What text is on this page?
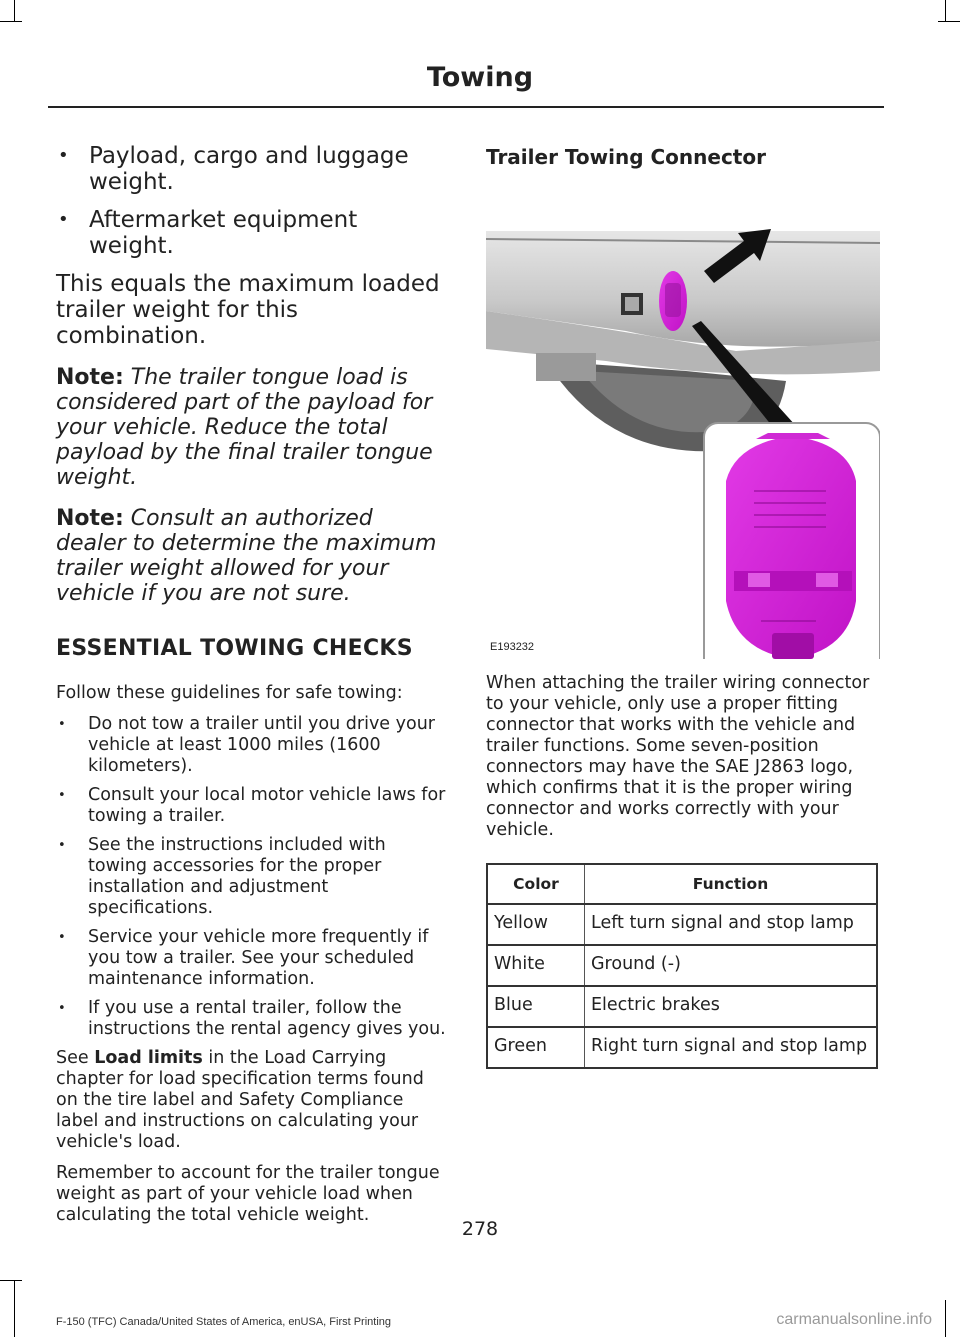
Towing
• Payload, cargo and luggage weight.
• Aftermarket equipment weight.

This equals the maximum loaded trailer weight for this combination.

Note: The trailer tongue load is considered part of the payload for your vehicle. Reduce the total payload by the final trailer tongue weight.

Note: Consult an authorized dealer to determine the maximum trailer weight allowed for your vehicle if you are not sure.

ESSENTIAL TOWING CHECKS

Follow these guidelines for safe towing:

• Do not tow a trailer until you drive your vehicle at least 1000 miles (1600 kilometers).
• Consult your local motor vehicle laws for towing a trailer.
• See the instructions included with towing accessories for the proper installation and adjustment specifications.
• Service your vehicle more frequently if you tow a trailer. See your scheduled maintenance information.
• If you use a rental trailer, follow the instructions the rental agency gives you.

See Load limits in the Load Carrying chapter for load specification terms found on the tire label and Safety Compliance label and instructions on calculating your vehicle's load.

Remember to account for the trailer tongue weight as part of your vehicle load when calculating the total vehicle weight.

Trailer Towing Connector
E193232

When attaching the trailer wiring connector to your vehicle, only use a proper fitting connector that works with the vehicle and trailer functions. Some seven-position connectors may have the SAE J2863 logo, which confirms that it is the proper wiring connector and works correctly with your vehicle.

Color	Function
Yellow	Left turn signal and stop lamp
White	Ground (-)
Blue	Electric brakes
Green	Right turn signal and stop lamp
278
F-150 (TFC) Canada/United States of America, enUSA, First Printing	carmanualsonline.info
